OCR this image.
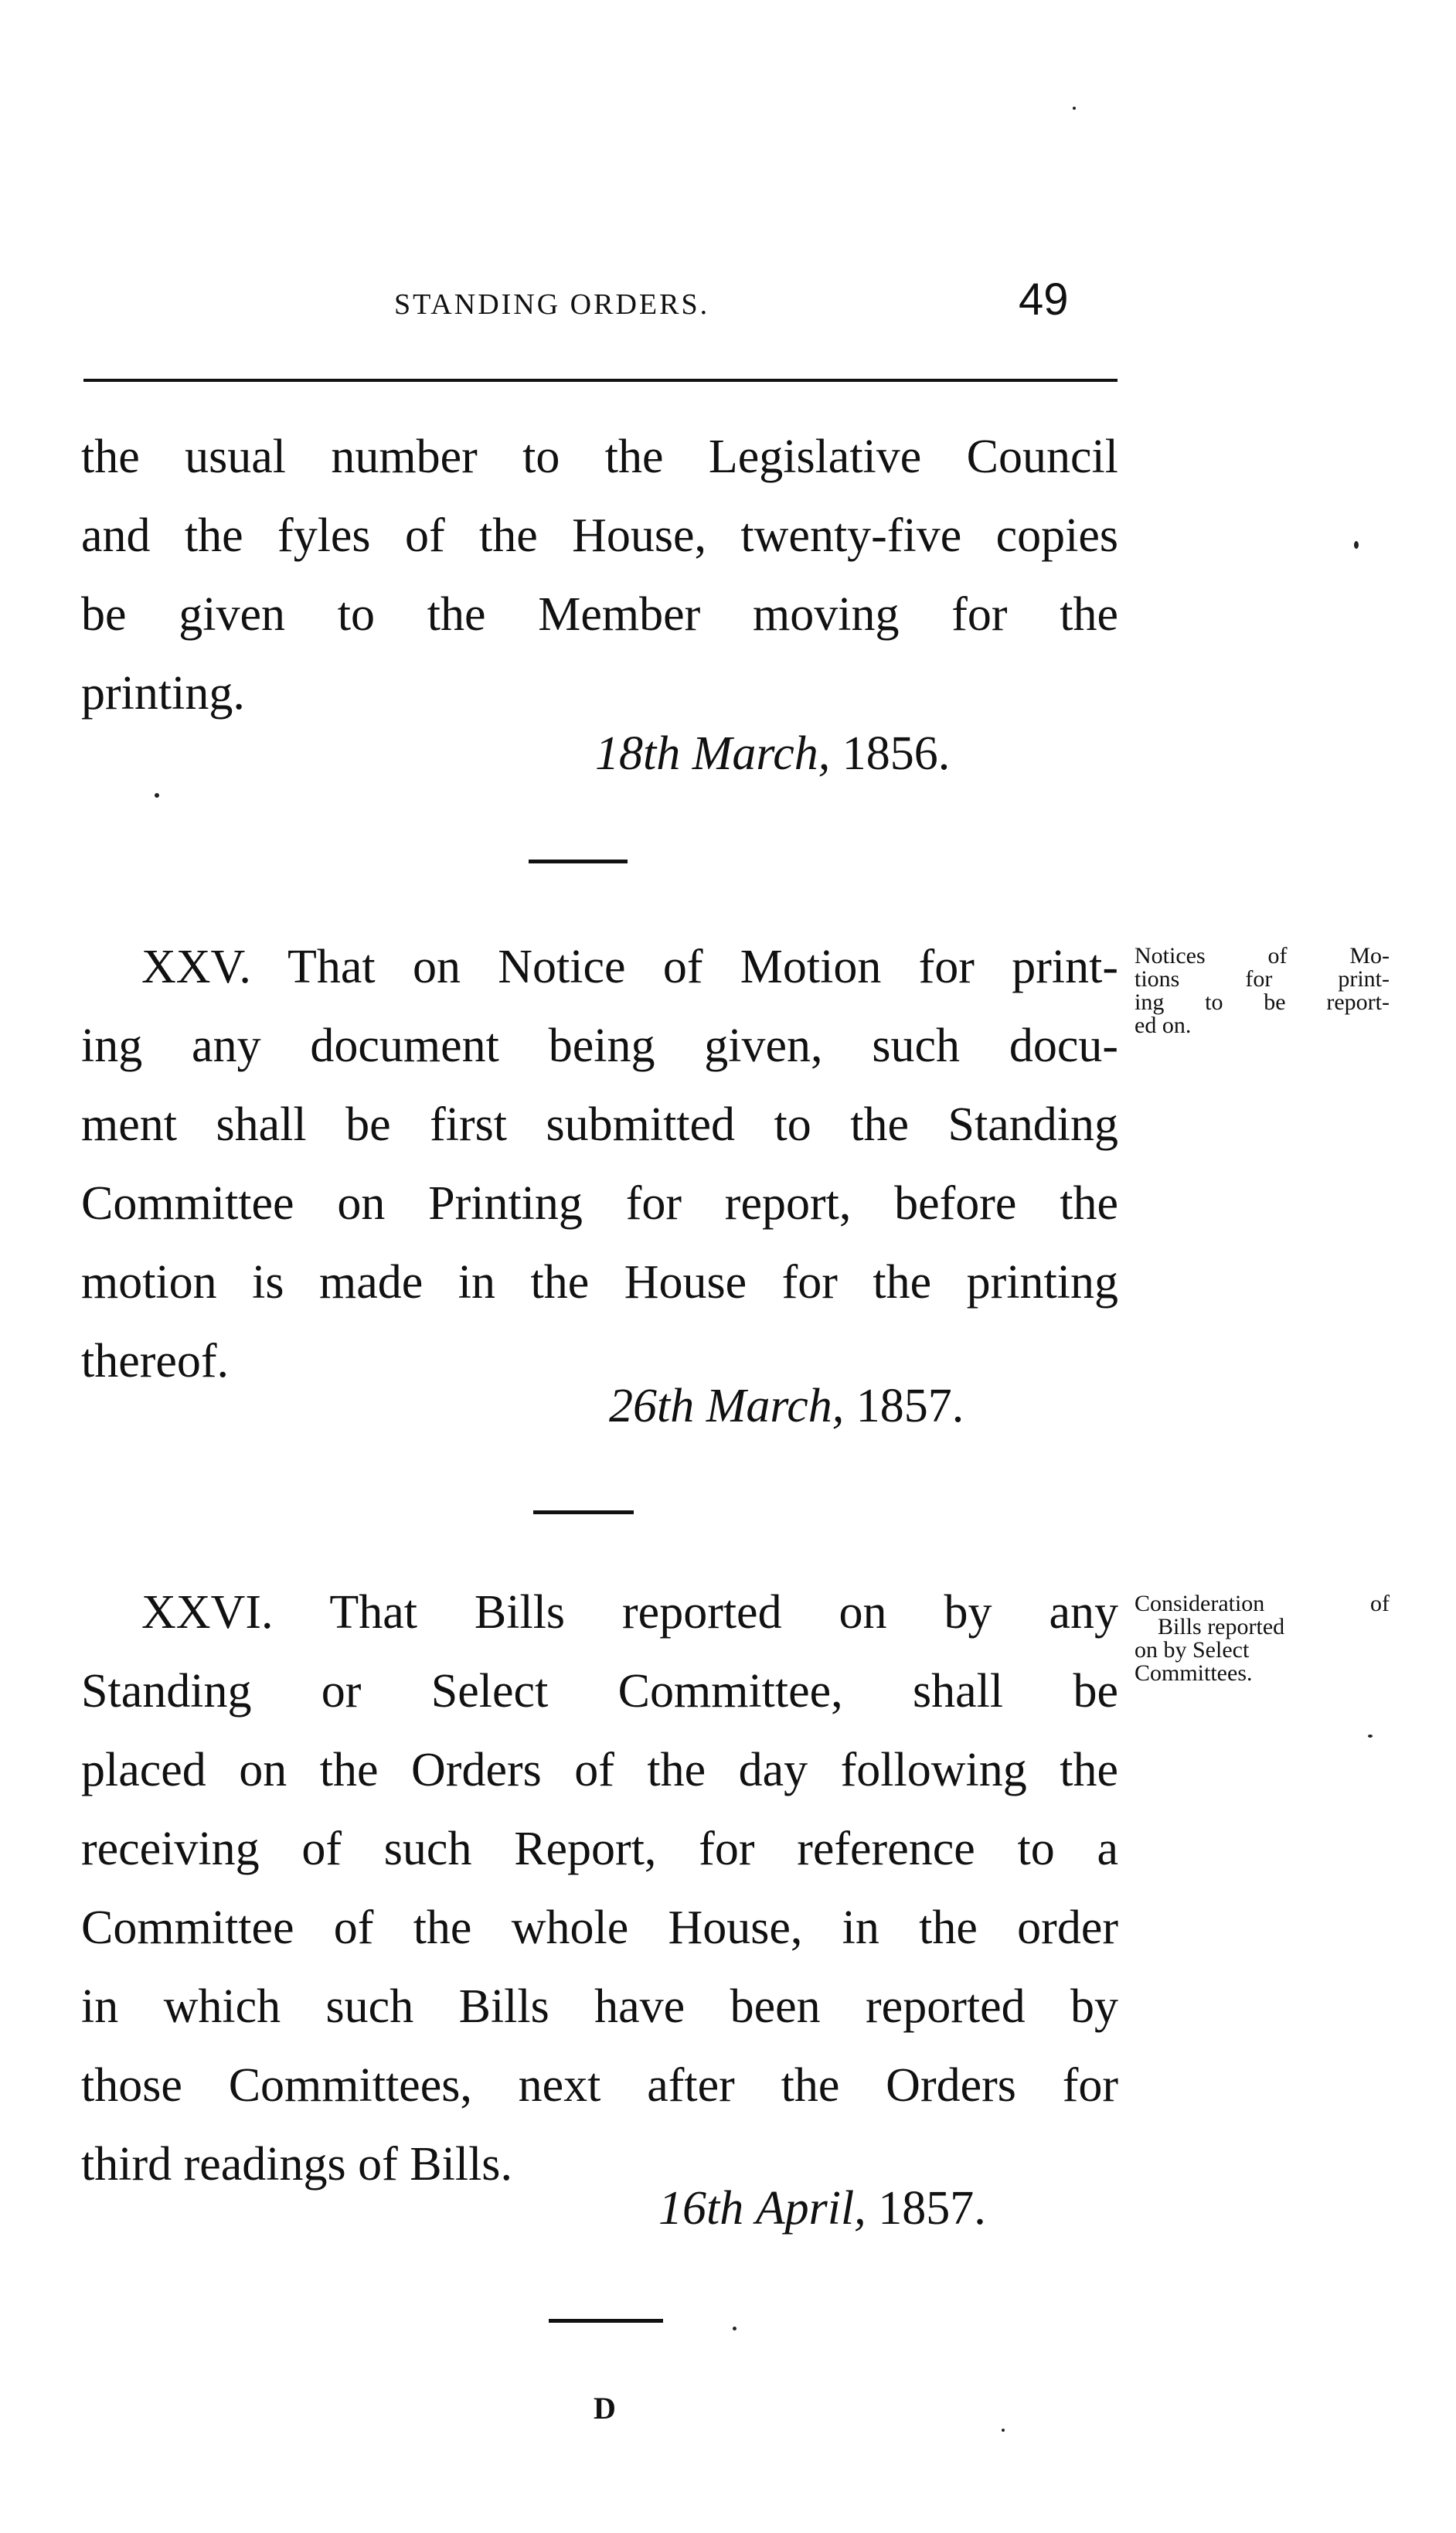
STANDING ORDERS.	49
the usual number to the Legislative Council
and the fyles of the House, twenty-five copies
be given to the Member moving for the
printing.
18th March, 1856.
XXV. That on Notice of Motion for print-
ing any document being given, such docu-
ment shall be first submitted to the Standing
Committee on Printing for report, before the
motion is made in the House for the printing
thereof.
Notices of Mo-
tions for print-
ing to be report-
ed on.
26th March, 1857.
XXVI. That Bills reported on by any
Standing or Select Committee, shall be
placed on the Orders of the day following the
receiving of such Report, for reference to a
Committee of the whole House, in the order
in which such Bills have been reported by
those Committees, next after the Orders for
third readings of Bills.
Consideration of
Bills reported
on by Select
Committees.
16th April, 1857.
D
